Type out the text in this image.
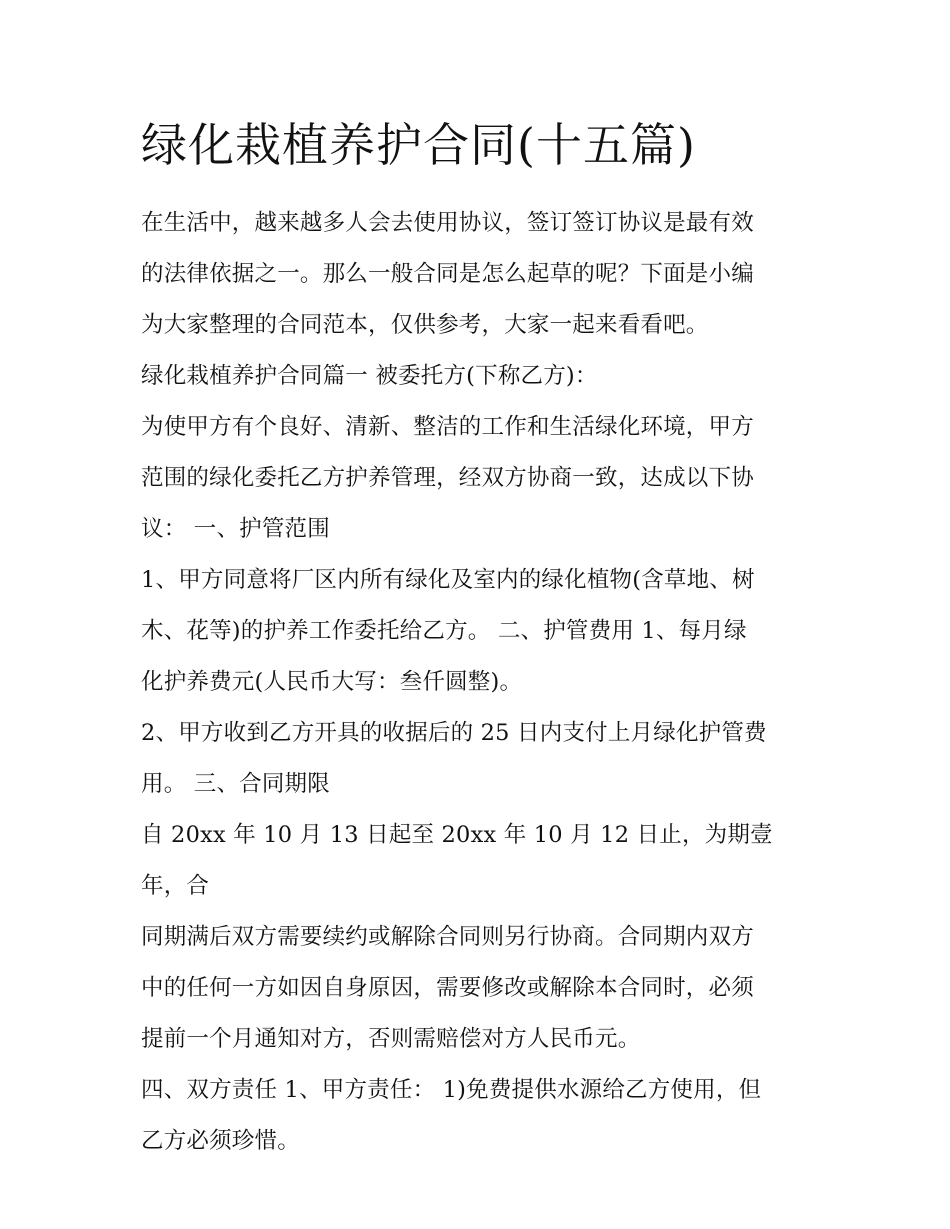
绿化栽植养护合同(十五篇)
在生活中，越来越多人会去使用协议，签订签订协议是最有效
的法律依据之一。那么一般合同是怎么起草的呢？下面是小编
为大家整理的合同范本，仅供参考，大家一起来看看吧。
绿化栽植养护合同篇一 被委托方(下称乙方)：
为使甲方有个良好、清新、整洁的工作和生活绿化环境，甲方
范围的绿化委托乙方护养管理，经双方协商一致，达成以下协
议： 一、护管范围
1、甲方同意将厂区内所有绿化及室内的绿化植物(含草地、树
木、花等)的护养工作委托给乙方。 二、护管费用 1、每月绿
化护养费元(人民币大写：叁仟圆整)。
2、甲方收到乙方开具的收据后的 25 日内支付上月绿化护管费
用。 三、合同期限
自 20xx 年 10 月 13 日起至 20xx 年 10 月 12 日止，为期壹年，合
同期满后双方需要续约或解除合同则另行协商。合同期内双方
中的任何一方如因自身原因，需要修改或解除本合同时，必须
提前一个月通知对方，否则需赔偿对方人民币元。
四、双方责任 1、甲方责任： 1)免费提供水源给乙方使用，但
乙方必须珍惜。
